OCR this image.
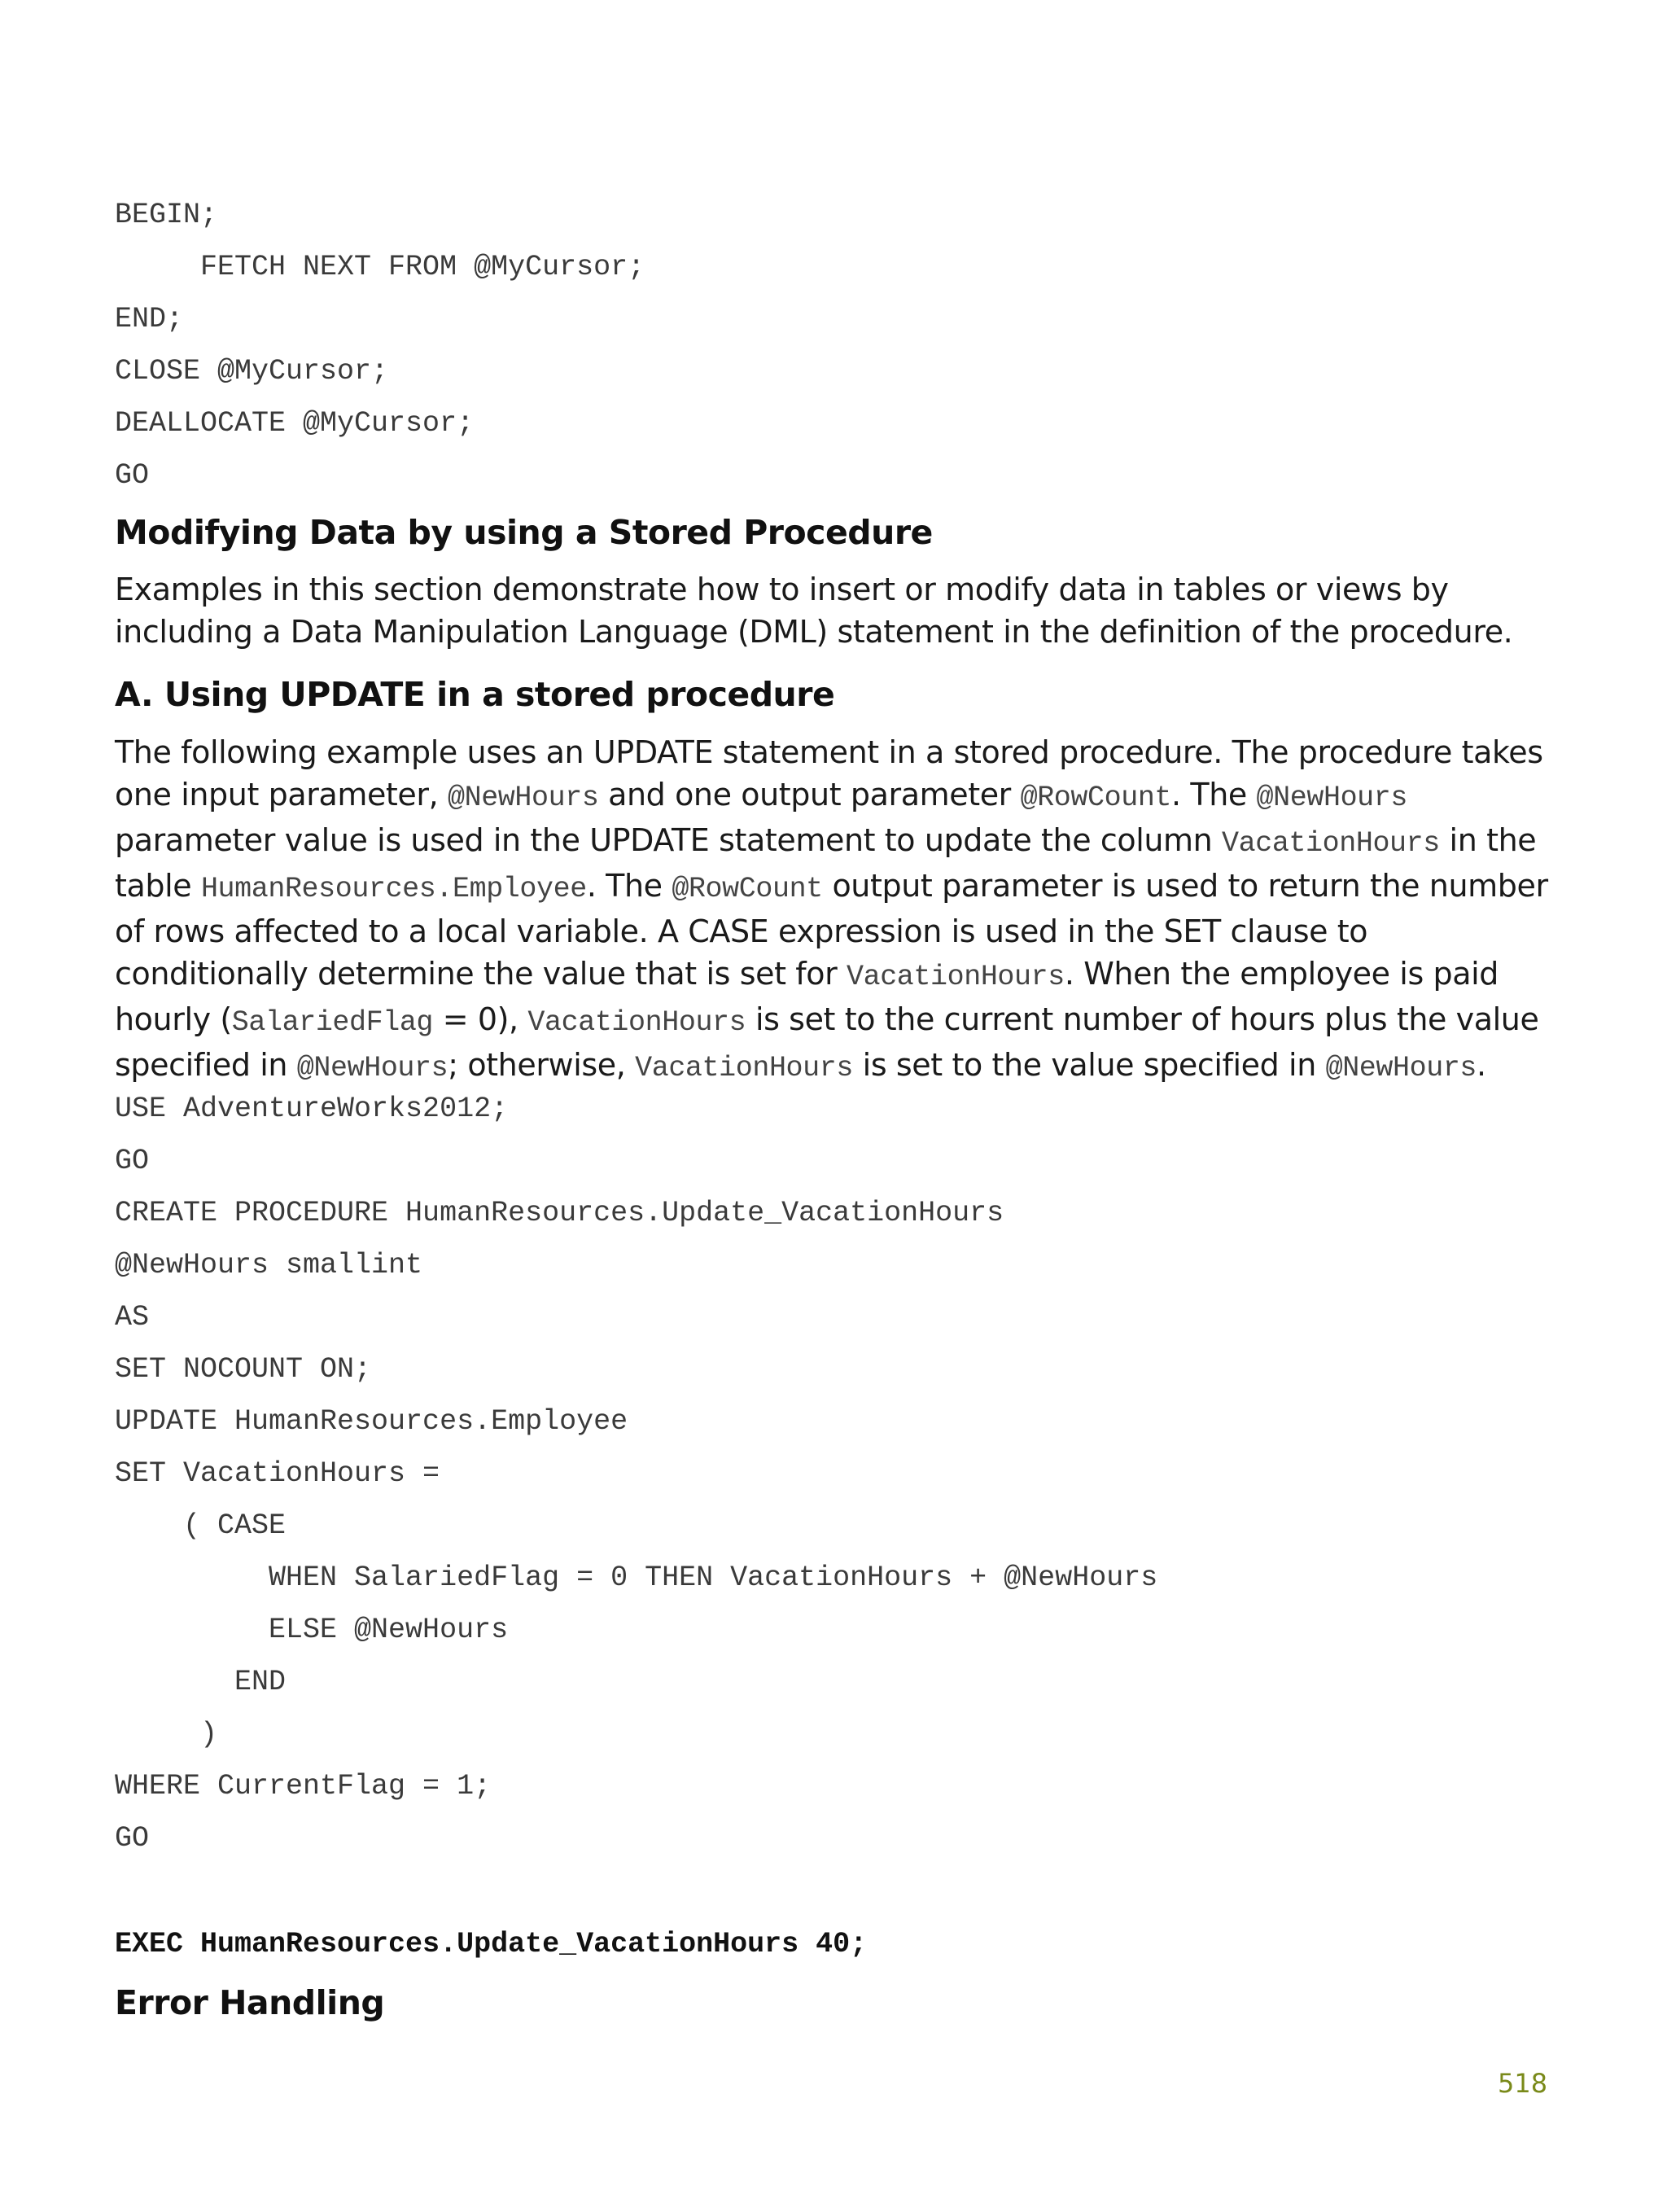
BEGIN;
FETCH NEXT FROM @MyCursor;
END;
CLOSE @MyCursor;
DEALLOCATE @MyCursor;
GO
Modifying Data by using a Stored Procedure

Examples in this section demonstrate how to insert or modify data in tables or views by including a Data Manipulation Language (DML) statement in the definition of the procedure.

A. Using UPDATE in a stored procedure

The following example uses an UPDATE statement in a stored procedure. The procedure takes one input parameter, @NewHours and one output parameter @RowCount. The @NewHours parameter value is used in the UPDATE statement to update the column VacationHours in the table HumanResources.Employee. The @RowCount output parameter is used to return the number of rows affected to a local variable. A CASE expression is used in the SET clause to conditionally determine the value that is set for VacationHours. When the employee is paid hourly (SalariedFlag = 0), VacationHours is set to the current number of hours plus the value specified in @NewHours; otherwise, VacationHours is set to the value specified in @NewHours.

USE AdventureWorks2012;
GO
CREATE PROCEDURE HumanResources.Update_VacationHours
@NewHours smallint
AS
SET NOCOUNT ON;
UPDATE HumanResources.Employee
SET VacationHours =
( CASE
WHEN SalariedFlag = 0 THEN VacationHours + @NewHours
ELSE @NewHours
END
)
WHERE CurrentFlag = 1;
GO
EXEC HumanResources.Update_VacationHours 40;
Error Handling
518
